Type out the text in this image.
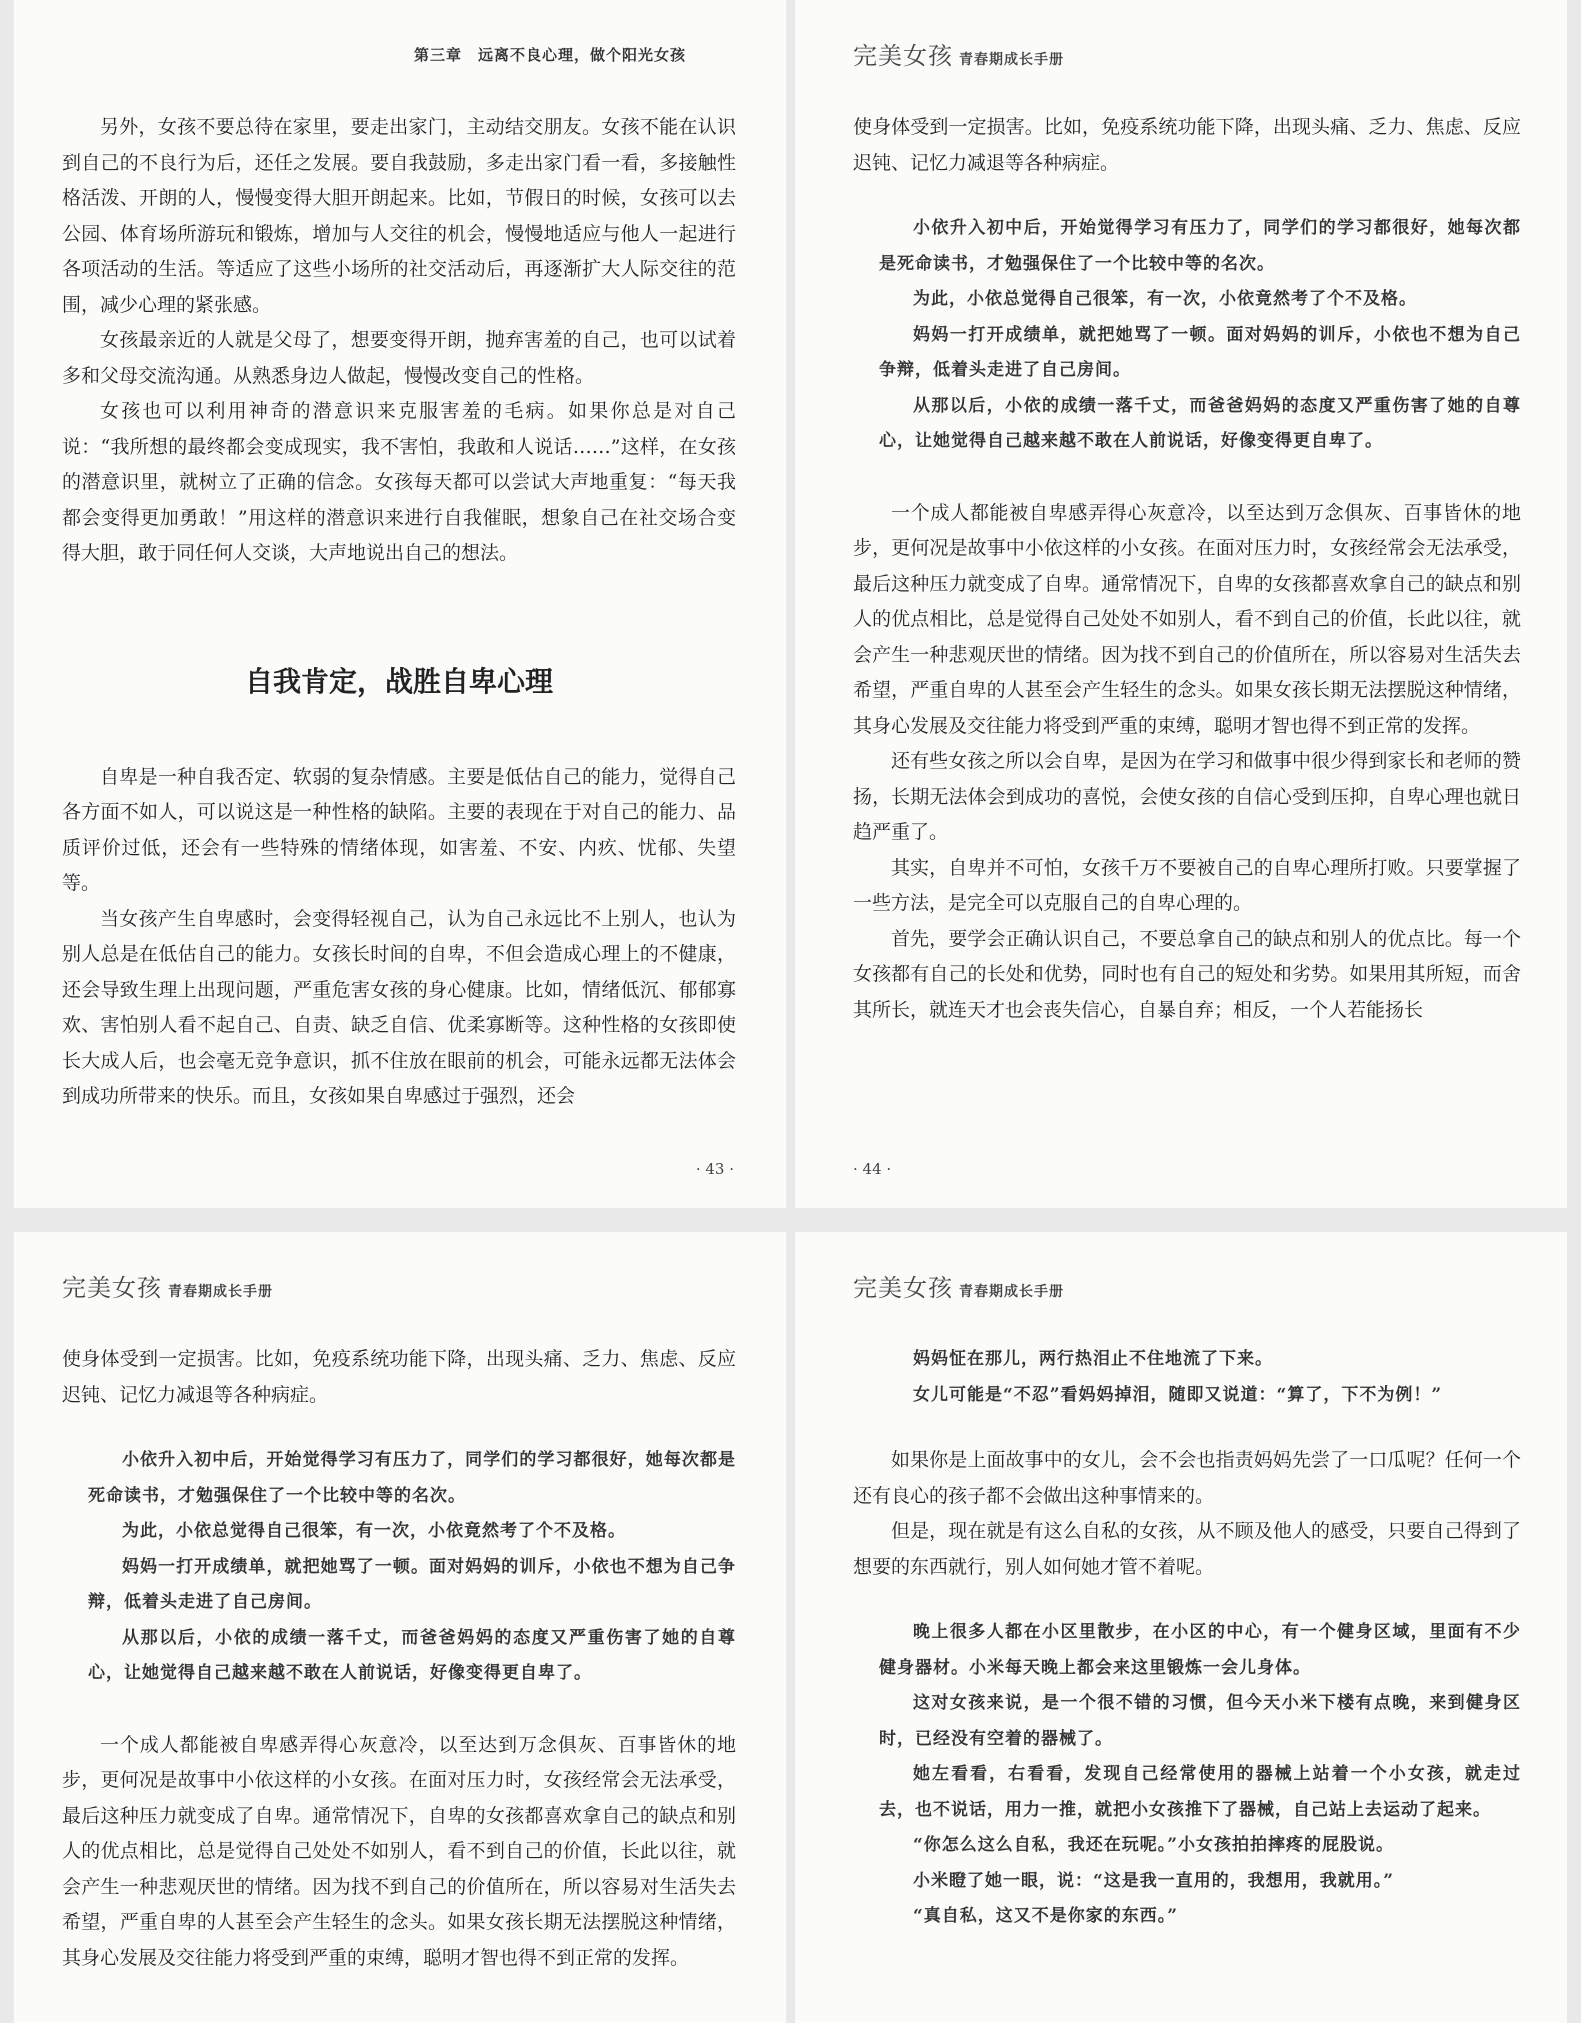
第三章　远离不良心理，做个阳光女孩

另外，女孩不要总待在家里，要走出家门，主动结交朋友。女孩不能在认识到自己的不良行为后，还任之发展。要自我鼓励，多走出家门看一看，多接触性格活泼、开朗的人，慢慢变得大胆开朗起来。比如，节假日的时候，女孩可以去公园、体育场所游玩和锻炼，增加与人交往的机会，慢慢地适应与他人一起进行各项活动的生活。等适应了这些小场所的社交活动后，再逐渐扩大人际交往的范围，减少心理的紧张感。

女孩最亲近的人就是父母了，想要变得开朗，抛弃害羞的自己，也可以试着多和父母交流沟通。从熟悉身边人做起，慢慢改变自己的性格。

女孩也可以利用神奇的潜意识来克服害羞的毛病。如果你总是对自己说：“我所想的最终都会变成现实，我不害怕，我敢和人说话……”这样，在女孩的潜意识里，就树立了正确的信念。女孩每天都可以尝试大声地重复：“每天我都会变得更加勇敢！”用这样的潜意识来进行自我催眠，想象自己在社交场合变得大胆，敢于同任何人交谈，大声地说出自己的想法。

自我肯定，战胜自卑心理

自卑是一种自我否定、软弱的复杂情感。主要是低估自己的能力，觉得自己各方面不如人，可以说这是一种性格的缺陷。主要的表现在于对自己的能力、品质评价过低，还会有一些特殊的情绪体现，如害羞、不安、内疚、忧郁、失望等。

当女孩产生自卑感时，会变得轻视自己，认为自己永远比不上别人，也认为别人总是在低估自己的能力。女孩长时间的自卑，不但会造成心理上的不健康，还会导致生理上出现问题，严重危害女孩的身心健康。比如，情绪低沉、郁郁寡欢、害怕别人看不起自己、自责、缺乏自信、优柔寡断等。这种性格的女孩即使长大成人后，也会毫无竞争意识，抓不住放在眼前的机会，可能永远都无法体会到成功所带来的快乐。而且，女孩如果自卑感过于强烈，还会

· 43 ·
完美女孩 青春期成长手册

使身体受到一定损害。比如，免疫系统功能下降，出现头痛、乏力、焦虑、反应迟钝、记忆力减退等各种病症。

小依升入初中后，开始觉得学习有压力了，同学们的学习都很好，她每次都是死命读书，才勉强保住了一个比较中等的名次。

为此，小依总觉得自己很笨，有一次，小依竟然考了个不及格。

妈妈一打开成绩单，就把她骂了一顿。面对妈妈的训斥，小依也不想为自己争辩，低着头走进了自己房间。

从那以后，小依的成绩一落千丈，而爸爸妈妈的态度又严重伤害了她的自尊心，让她觉得自己越来越不敢在人前说话，好像变得更自卑了。

一个成人都能被自卑感弄得心灰意冷，以至达到万念俱灰、百事皆休的地步，更何况是故事中小依这样的小女孩。在面对压力时，女孩经常会无法承受，最后这种压力就变成了自卑。通常情况下，自卑的女孩都喜欢拿自己的缺点和别人的优点相比，总是觉得自己处处不如别人，看不到自己的价值，长此以往，就会产生一种悲观厌世的情绪。因为找不到自己的价值所在，所以容易对生活失去希望，严重自卑的人甚至会产生轻生的念头。如果女孩长期无法摆脱这种情绪，其身心发展及交往能力将受到严重的束缚，聪明才智也得不到正常的发挥。

还有些女孩之所以会自卑，是因为在学习和做事中很少得到家长和老师的赞扬，长期无法体会到成功的喜悦，会使女孩的自信心受到压抑，自卑心理也就日趋严重了。

其实，自卑并不可怕，女孩千万不要被自己的自卑心理所打败。只要掌握了一些方法，是完全可以克服自己的自卑心理的。

首先，要学会正确认识自己，不要总拿自己的缺点和别人的优点比。每一个女孩都有自己的长处和优势，同时也有自己的短处和劣势。如果用其所短，而舍其所长，就连天才也会丧失信心，自暴自弃；相反，一个人若能扬长

· 44 ·
完美女孩 青春期成长手册

使身体受到一定损害。比如，免疫系统功能下降，出现头痛、乏力、焦虑、反应迟钝、记忆力减退等各种病症。

小依升入初中后，开始觉得学习有压力了，同学们的学习都很好，她每次都是死命读书，才勉强保住了一个比较中等的名次。

为此，小依总觉得自己很笨，有一次，小依竟然考了个不及格。

妈妈一打开成绩单，就把她骂了一顿。面对妈妈的训斥，小依也不想为自己争辩，低着头走进了自己房间。

从那以后，小依的成绩一落千丈，而爸爸妈妈的态度又严重伤害了她的自尊心，让她觉得自己越来越不敢在人前说话，好像变得更自卑了。

一个成人都能被自卑感弄得心灰意冷，以至达到万念俱灰、百事皆休的地步，更何况是故事中小依这样的小女孩。在面对压力时，女孩经常会无法承受，最后这种压力就变成了自卑。通常情况下，自卑的女孩都喜欢拿自己的缺点和别人的优点相比，总是觉得自己处处不如别人，看不到自己的价值，长此以往，就会产生一种悲观厌世的情绪。因为找不到自己的价值所在，所以容易对生活失去希望，严重自卑的人甚至会产生轻生的念头。如果女孩长期无法摆脱这种情绪，其身心发展及交往能力将受到严重的束缚，聪明才智也得不到正常的发挥。

完美女孩 青春期成长手册

妈妈怔在那儿，两行热泪止不住地流了下来。

女儿可能是“不忍”看妈妈掉泪，随即又说道：“算了，下不为例！”

如果你是上面故事中的女儿，会不会也指责妈妈先尝了一口瓜呢？任何一个还有良心的孩子都不会做出这种事情来的。

但是，现在就是有这么自私的女孩，从不顾及他人的感受，只要自己得到了想要的东西就行，别人如何她才管不着呢。

晚上很多人都在小区里散步，在小区的中心，有一个健身区域，里面有不少健身器材。小米每天晚上都会来这里锻炼一会儿身体。

这对女孩来说，是一个很不错的习惯，但今天小米下楼有点晚，来到健身区时，已经没有空着的器械了。

她左看看，右看看，发现自己经常使用的器械上站着一个小女孩，就走过去，也不说话，用力一推，就把小女孩推下了器械，自己站上去运动了起来。

“你怎么这么自私，我还在玩呢。”小女孩拍拍摔疼的屁股说。

小米瞪了她一眼，说：“这是我一直用的，我想用，我就用。”

“真自私，这又不是你家的东西。”
